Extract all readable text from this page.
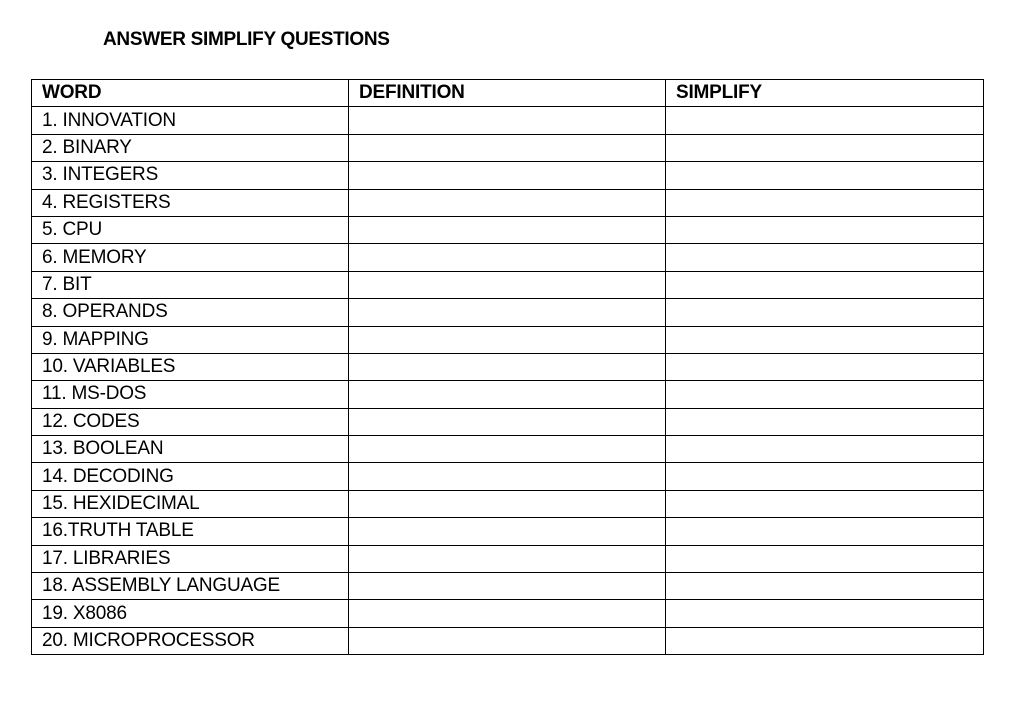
ANSWER SIMPLIFY QUESTIONS
WORD	DEFINITION	SIMPLIFY
1. INNOVATION		
2. BINARY		
3. INTEGERS		
4. REGISTERS		
5. CPU		
6. MEMORY		
7. BIT		
8. OPERANDS		
9. MAPPING		
10. VARIABLES		
11. MS-DOS		
12. CODES		
13. BOOLEAN		
14. DECODING		
15. HEXIDECIMAL		
16.TRUTH TABLE		
17. LIBRARIES		
18. ASSEMBLY LANGUAGE		
19. X8086		
20. MICROPROCESSOR		
